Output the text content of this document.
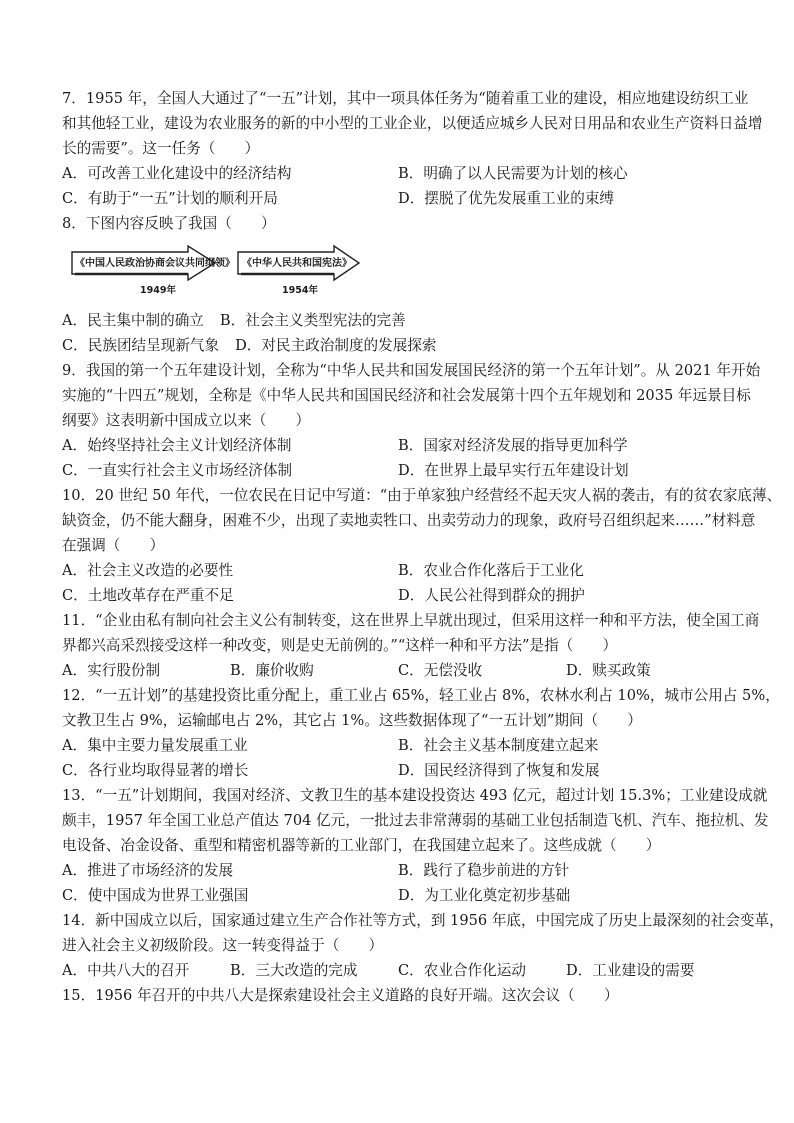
7．1955 年，全国人大通过了“一五”计划，其中一项具体任务为“随着重工业的建设，相应地建设纺织工业
和其他轻工业，建设为农业服务的新的中小型的工业企业，以便适应城乡人民对日用品和农业生产资料日益增
长的需要”。这一任务（　　）
A．可改善工业化建设中的经济结构	B．明确了以人民需要为计划的核心
C．有助于“一五”计划的顺利开局	D．摆脱了优先发展重工业的束缚
8．下图内容反映了我国（　　）
《中国人民政治协商会议共同纲领》
1949年
《中华人民共和国宪法》
1954年
A．民主集中制的确立 B．社会主义类型宪法的完善
C．民族团结呈现新气象 D．对民主政治制度的发展探索
9．我国的第一个五年建设计划，全称为“中华人民共和国发展国民经济的第一个五年计划”。从 2021 年开始
实施的“十四五”规划，全称是《中华人民共和国国民经济和社会发展第十四个五年规划和 2035 年远景目标
纲要》这表明新中国成立以来（　　）
A．始终坚持社会主义计划经济体制	B．国家对经济发展的指导更加科学
C．一直实行社会主义市场经济体制	D．在世界上最早实行五年建设计划
10．20 世纪 50 年代，一位农民在日记中写道：“由于单家独户经营经不起天灾人祸的袭击，有的贫农家底薄、
缺资金，仍不能大翻身，困难不少，出现了卖地卖牲口、出卖劳动力的现象，政府号召组织起来……”材料意
在强调（　　）
A．社会主义改造的必要性	B．农业合作化落后于工业化
C．土地改革存在严重不足	D．人民公社得到群众的拥护
11．“企业由私有制向社会主义公有制转变，这在世界上早就出现过，但采用这样一种和平方法，使全国工商
界都兴高采烈接受这样一种改变，则是史无前例的。”“这样一种和平方法”是指（　　）
A．实行股份制	B．廉价收购	C．无偿没收	D．赎买政策
12．“一五计划”的基建投资比重分配上，重工业占 65%，轻工业占 8%，农林水利占 10%，城市公用占 5%，
文教卫生占 9%，运输邮电占 2%，其它占 1%。这些数据体现了“一五计划”期间（　　）
A．集中主要力量发展重工业	B．社会主义基本制度建立起来
C．各行业均取得显著的增长	D．国民经济得到了恢复和发展
13．“一五”计划期间，我国对经济、文教卫生的基本建设投资达 493 亿元，超过计划 15.3%；工业建设成就
颇丰，1957 年全国工业总产值达 704 亿元，一批过去非常薄弱的基础工业包括制造飞机、汽车、拖拉机、发
电设备、冶金设备、重型和精密机器等新的工业部门，在我国建立起来了。这些成就（　　）
A．推进了市场经济的发展	B．践行了稳步前进的方针
C．使中国成为世界工业强国	D．为工业化奠定初步基础
14．新中国成立以后，国家通过建立生产合作社等方式，到 1956 年底，中国完成了历史上最深刻的社会变革，
进入社会主义初级阶段。这一转变得益于（　　）
A．中共八大的召开	B．三大改造的完成	C．农业合作化运动	D．工业建设的需要
15．1956 年召开的中共八大是探索建设社会主义道路的良好开端。这次会议（　　）
